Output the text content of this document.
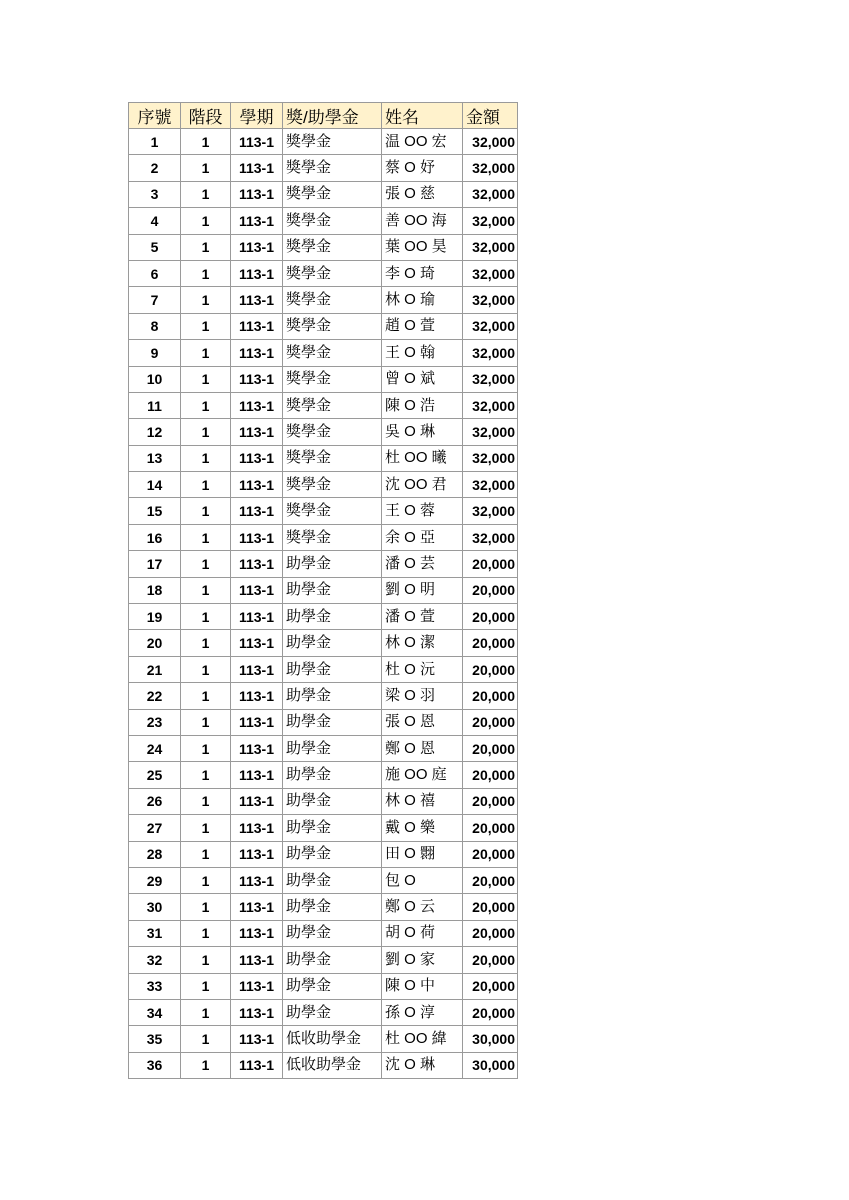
序號	階段	學期	獎/助學金	姓名	金額
1	1	113-1	獎學金	温 OO 宏	32,000
2	1	113-1	獎學金	蔡 O 妤	32,000
3	1	113-1	獎學金	張 O 慈	32,000
4	1	113-1	獎學金	善 OO 海	32,000
5	1	113-1	獎學金	葉 OO 昊	32,000
6	1	113-1	獎學金	李 O 琦	32,000
7	1	113-1	獎學金	林 O 瑜	32,000
8	1	113-1	獎學金	趙 O 萱	32,000
9	1	113-1	獎學金	王 O 翰	32,000
10	1	113-1	獎學金	曾 O 斌	32,000
11	1	113-1	獎學金	陳 O 浩	32,000
12	1	113-1	獎學金	吳 O 琳	32,000
13	1	113-1	獎學金	杜 OO 曦	32,000
14	1	113-1	獎學金	沈 OO 君	32,000
15	1	113-1	獎學金	王 O 蓉	32,000
16	1	113-1	獎學金	余 O 亞	32,000
17	1	113-1	助學金	潘 O 芸	20,000
18	1	113-1	助學金	劉 O 明	20,000
19	1	113-1	助學金	潘 O 萱	20,000
20	1	113-1	助學金	林 O 潔	20,000
21	1	113-1	助學金	杜 O 沅	20,000
22	1	113-1	助學金	梁 O 羽	20,000
23	1	113-1	助學金	張 O 恩	20,000
24	1	113-1	助學金	鄭 O 恩	20,000
25	1	113-1	助學金	施 OO 庭	20,000
26	1	113-1	助學金	林 O 禧	20,000
27	1	113-1	助學金	戴 O 樂	20,000
28	1	113-1	助學金	田 O 翾	20,000
29	1	113-1	助學金	包 O	20,000
30	1	113-1	助學金	鄭 O 云	20,000
31	1	113-1	助學金	胡 O 荷	20,000
32	1	113-1	助學金	劉 O 家	20,000
33	1	113-1	助學金	陳 O 中	20,000
34	1	113-1	助學金	孫 O 淳	20,000
35	1	113-1	低收助學金	杜 OO 緯	30,000
36	1	113-1	低收助學金	沈 O 琳	30,000
